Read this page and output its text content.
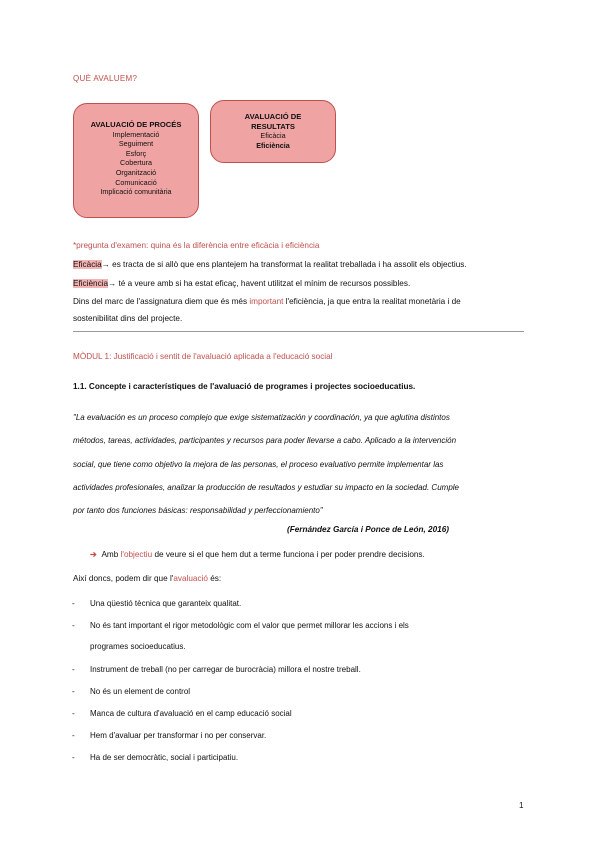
QUÈ AVALUEM?
AVALUACIÓ DE PROCÉS
Implementació
Seguiment
Esforç
Cobertura
Organització
Comunicació
Implicació comunitària
AVALUACIÓ DE
RESULTATS
Eficàcia
Eficiència
*pregunta d'examen: quina és la diferència entre eficàcia i eficiència
Eficàcia→ es tracta de si allò que ens plantejem ha transformat la realitat treballada i ha assolit els objectius.
Eficiència→ té a veure amb si ha estat eficaç, havent utilitzat el mínim de recursos possibles.
Dins del marc de l'assignatura diem que és més important l'eficiència, ja que entra la realitat monetària i de
sostenibilitat dins del projecte.
MÒDUL 1: Justificació i sentit de l'avaluació aplicada a l'educació social
1.1. Concepte i característiques de l'avaluació de programes i projectes socioeducatius.
"La evaluación es un proceso complejo que exige sistematización y coordinación, ya que aglutina distintos
métodos, tareas, actividades, participantes y recursos para poder llevarse a cabo. Aplicado a la intervención
social, que tiene como objetivo la mejora de las personas, el proceso evaluativo permite implementar las
actividades profesionales, analizar la producción de resultados y estudiar su impacto en la sociedad. Cumple
por tanto dos funciones básicas: responsabilidad y perfeccionamiento"
(Fernández García i Ponce de León, 2016)
➔ Amb l'objectiu de veure si el que hem dut a terme funciona i per poder prendre decisions.
Així doncs, podem dir que l'avaluació és:
- Una qüestió tècnica que garanteix qualitat.
- No és tant important el rigor metodològic com el valor que permet millorar les accions i els
programes socioeducatius.
- Instrument de treball (no per carregar de burocràcia) millora el nostre treball.
- No és un element de control
- Manca de cultura d'avaluació en el camp educació social
- Hem d'avaluar per transformar i no per conservar.
- Ha de ser democràtic, social i participatiu.
1
